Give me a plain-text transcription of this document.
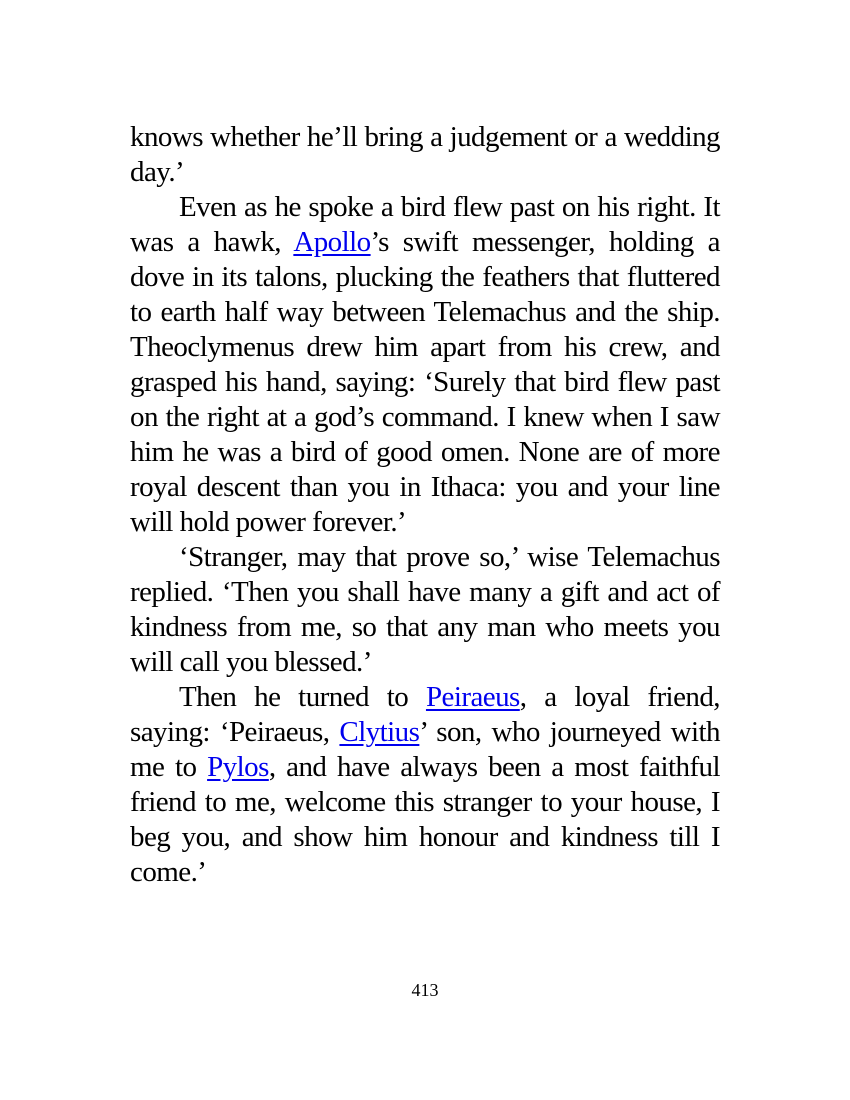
knows whether he’ll bring a judgement or a wedding day.’

Even as he spoke a bird flew past on his right. It was a hawk, Apollo’s swift messenger, holding a dove in its talons, plucking the feathers that fluttered to earth half way between Telemachus and the ship. Theoclymenus drew him apart from his crew, and grasped his hand, saying: ‘Surely that bird flew past on the right at a god’s command. I knew when I saw him he was a bird of good omen. None are of more royal descent than you in Ithaca: you and your line will hold power forever.’

‘Stranger, may that prove so,’ wise Telemachus replied. ‘Then you shall have many a gift and act of kindness from me, so that any man who meets you will call you blessed.’

Then he turned to Peiraeus, a loyal friend, saying: ‘Peiraeus, Clytius’ son, who journeyed with me to Pylos, and have always been a most faithful friend to me, welcome this stranger to your house, I beg you, and show him honour and kindness till I come.’

413
